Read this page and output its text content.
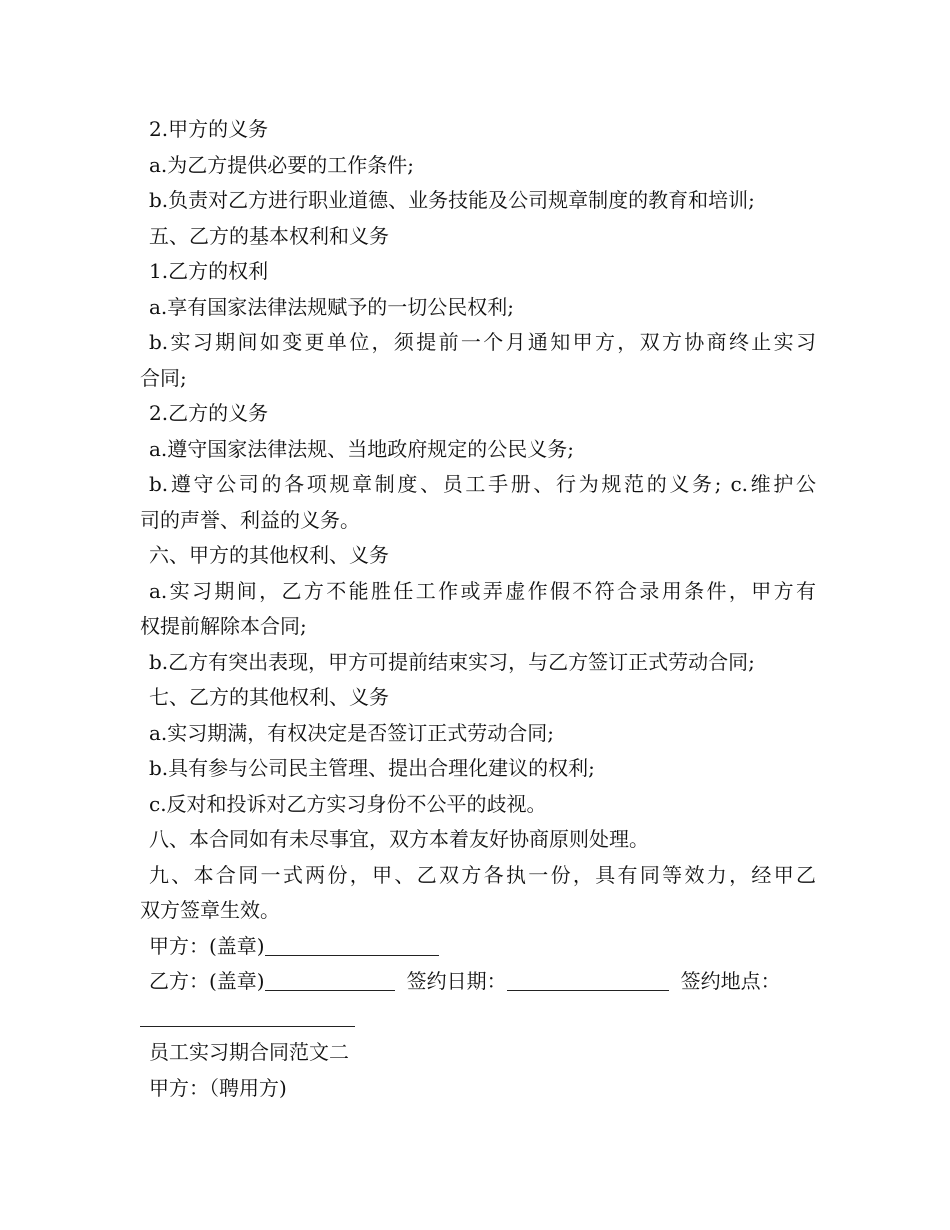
2.甲方的义务
a.为乙方提供必要的工作条件;
b.负责对乙方进行职业道德、业务技能及公司规章制度的教育和培训;
五、乙方的基本权利和义务
1.乙方的权利
a.享有国家法律法规赋予的一切公民权利;
b.实习期间如变更单位，须提前一个月通知甲方，双方协商终止实习
合同;
2.乙方的义务
a.遵守国家法律法规、当地政府规定的公民义务;
b.遵守公司的各项规章制度、员工手册、行为规范的义务; c.维护公
司的声誉、利益的义务。
六、甲方的其他权利、义务
a.实习期间，乙方不能胜任工作或弄虚作假不符合录用条件，甲方有
权提前解除本合同;
b.乙方有突出表现，甲方可提前结束实习，与乙方签订正式劳动合同;
七、乙方的其他权利、义务
a.实习期满，有权决定是否签订正式劳动合同;
b.具有参与公司民主管理、提出合理化建议的权利;
c.反对和投诉对乙方实习身份不公平的歧视。
八、本合同如有未尽事宜，双方本着友好协商原则处理。
九、本合同一式两份，甲、乙双方各执一份，具有同等效力，经甲乙
双方签章生效。
甲方：(盖章)
乙方：(盖章)	签约日期：	签约地点：
员工实习期合同范文二
甲方：（聘用方)
